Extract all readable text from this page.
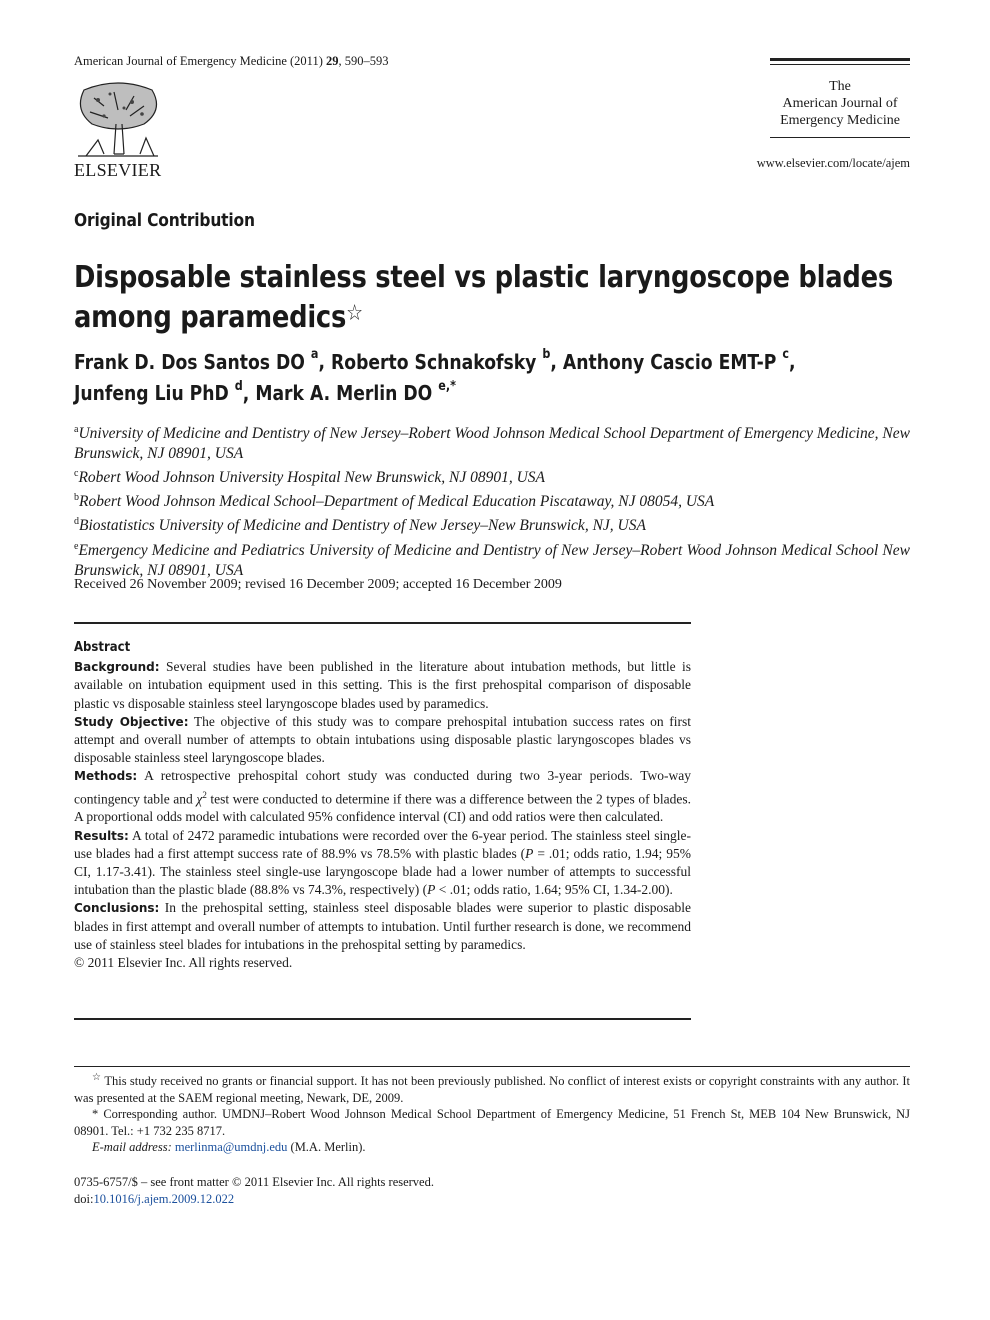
American Journal of Emergency Medicine (2011) 29, 590–593
ELSEVIER
The
American Journal of
Emergency Medicine
www.elsevier.com/locate/ajem
Original Contribution
Disposable stainless steel vs plastic laryngoscope blades
among paramedics☆
Frank D. Dos Santos DO $^a$, Roberto Schnakofsky $^b$, Anthony Cascio EMT-P $^c$,
Junfeng Liu PhD $^d$, Mark A. Merlin DO $^{e,*}$
$^a$University of Medicine and Dentistry of New Jersey–Robert Wood Johnson Medical School Department of Emergency Medicine, New Brunswick, NJ 08901, USA
$^c$Robert Wood Johnson University Hospital New Brunswick, NJ 08901, USA
$^b$Robert Wood Johnson Medical School–Department of Medical Education Piscataway, NJ 08054, USA
$^d$Biostatistics University of Medicine and Dentistry of New Jersey–New Brunswick, NJ, USA
$^e$Emergency Medicine and Pediatrics University of Medicine and Dentistry of New Jersey–Robert Wood Johnson Medical School New Brunswick, NJ 08901, USA
Received 26 November 2009; revised 16 December 2009; accepted 16 December 2009
Abstract

Background: Several studies have been published in the literature about intubation methods, but little is available on intubation equipment used in this setting. This is the first prehospital comparison of disposable plastic vs disposable stainless steel laryngoscope blades used by paramedics.

Study Objective: The objective of this study was to compare prehospital intubation success rates on first attempt and overall number of attempts to obtain intubations using disposable plastic laryngoscopes blades vs disposable stainless steel laryngoscope blades.

Methods: A retrospective prehospital cohort study was conducted during two 3-year periods. Two-way contingency table and $\chi^2$ test were conducted to determine if there was a difference between the 2 types of blades. A proportional odds model with calculated 95% confidence interval (CI) and odd ratios were then calculated.

Results: A total of 2472 paramedic intubations were recorded over the 6-year period. The stainless steel single-use blades had a first attempt success rate of 88.9% vs 78.5% with plastic blades (P = .01; odds ratio, 1.94; 95% CI, 1.17-3.41). The stainless steel single-use laryngoscope blade had a lower number of attempts to successful intubation than the plastic blade (88.8% vs 74.3%, respectively) (P < .01; odds ratio, 1.64; 95% CI, 1.34-2.00).

Conclusions: In the prehospital setting, stainless steel disposable blades were superior to plastic disposable blades in first attempt and overall number of attempts to intubation. Until further research is done, we recommend use of stainless steel blades for intubations in the prehospital setting by paramedics.
© 2011 Elsevier Inc. All rights reserved.

☆ This study received no grants or financial support. It has not been previously published. No conflict of interest exists or copyright constraints with any author. It was presented at the SAEM regional meeting, Newark, DE, 2009.

* Corresponding author. UMDNJ–Robert Wood Johnson Medical School Department of Emergency Medicine, 51 French St, MEB 104 New Brunswick, NJ 08901. Tel.: +1 732 235 8717.

E-mail address: merlinma@umdnj.edu (M.A. Merlin).

0735-6757/$ – see front matter © 2011 Elsevier Inc. All rights reserved.
doi:10.1016/j.ajem.2009.12.022
